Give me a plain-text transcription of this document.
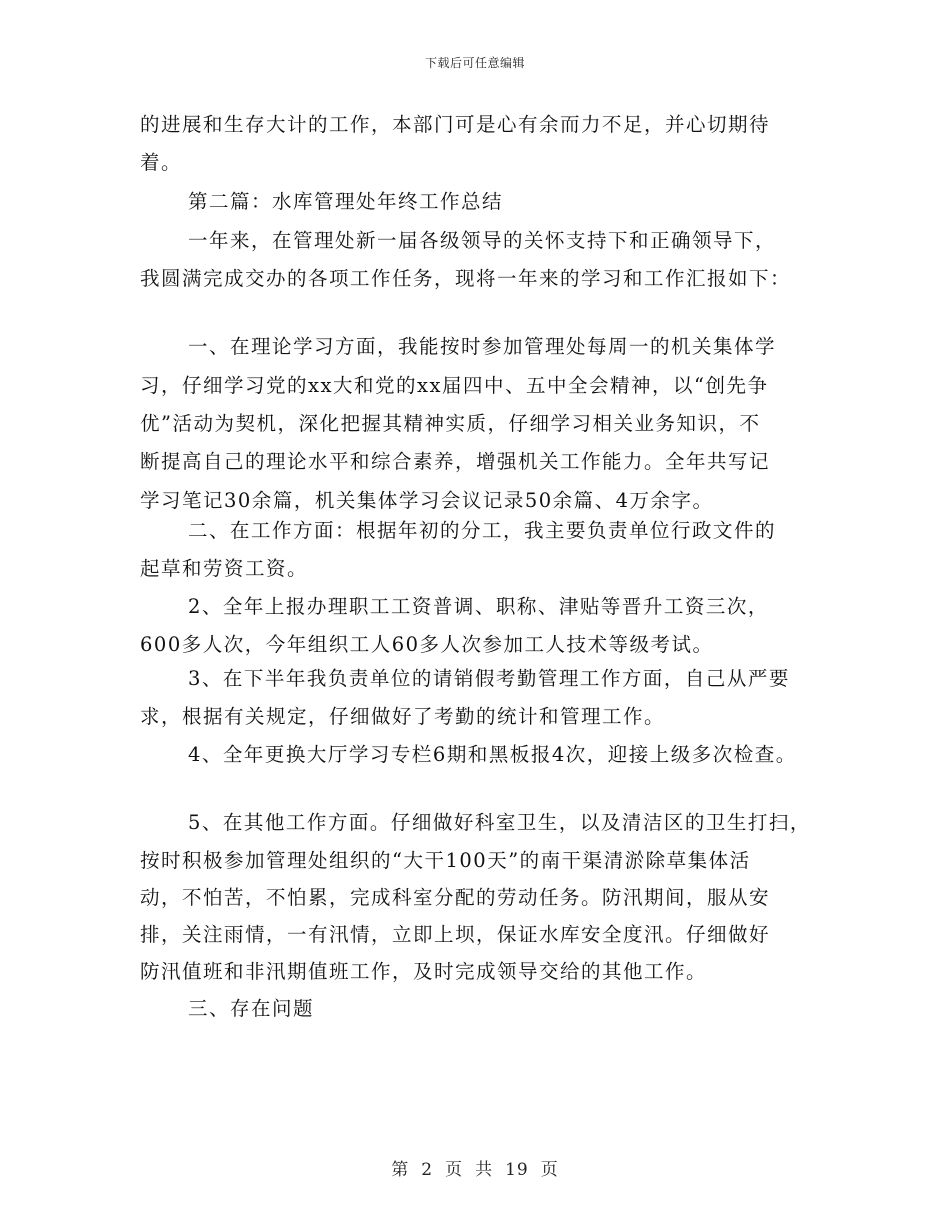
下载后可任意编辑
的进展和生存大计的工作，本部门可是心有余而力不足，并心切期待
着。
第二篇：水库管理处年终工作总结
一年来，在管理处新一届各级领导的关怀支持下和正确领导下，
我圆满完成交办的各项工作任务，现将一年来的学习和工作汇报如下：
一、在理论学习方面，我能按时参加管理处每周一的机关集体学
习，仔细学习党的xx大和党的xx届四中、五中全会精神，以“创先争
优”活动为契机，深化把握其精神实质，仔细学习相关业务知识，不
断提高自己的理论水平和综合素养，增强机关工作能力。全年共写记
学习笔记30余篇，机关集体学习会议记录50余篇、4万余字。
二、在工作方面：根据年初的分工，我主要负责单位行政文件的
起草和劳资工资。
2、全年上报办理职工工资普调、职称、津贴等晋升工资三次，
600多人次，今年组织工人60多人次参加工人技术等级考试。
3、在下半年我负责单位的请销假考勤管理工作方面，自己从严要
求，根据有关规定，仔细做好了考勤的统计和管理工作。
4、全年更换大厅学习专栏6期和黑板报4次，迎接上级多次检查。
5、在其他工作方面。仔细做好科室卫生，以及清洁区的卫生打扫，
按时积极参加管理处组织的“大干100天”的南干渠清淤除草集体活
动，不怕苦，不怕累，完成科室分配的劳动任务。防汛期间，服从安
排，关注雨情，一有汛情，立即上坝，保证水库安全度汛。仔细做好
防汛值班和非汛期值班工作，及时完成领导交给的其他工作。
三、存在问题
第 2 页 共 19 页
